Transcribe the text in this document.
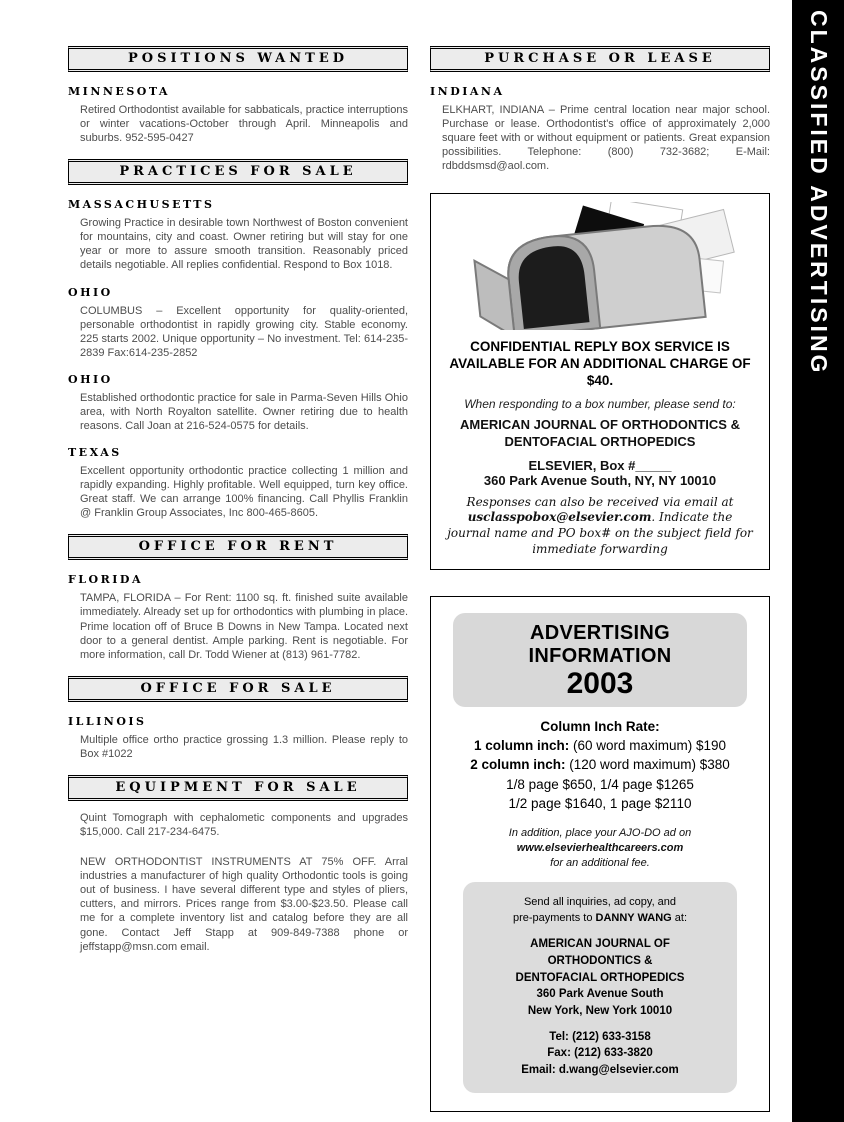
POSITIONS WANTED
MINNESOTA

Retired Orthodontist available for sabbaticals, practice interruptions or winter vacations-October through April. Minneapolis and suburbs. 952-595-0427

PRACTICES FOR SALE
MASSACHUSETTS

Growing Practice in desirable town Northwest of Boston convenient for mountains, city and coast. Owner retiring but will stay for one year or more to assure smooth transition. Reasonably priced details negotiable. All replies confidential. Respond to Box 1018.

OHIO

COLUMBUS – Excellent opportunity for quality-oriented, personable orthodontist in rapidly growing city. Stable economy. 225 starts 2002. Unique opportunity – No investment. Tel: 614-235-2839 Fax:614-235-2852

OHIO

Established orthodontic practice for sale in Parma-Seven Hills Ohio area, with North Royalton satellite. Owner retiring due to health reasons. Call Joan at 216-524-0575 for details.

TEXAS

Excellent opportunity orthodontic practice collecting 1 million and rapidly expanding. Highly profitable. Well equipped, turn key office. Great staff. We can arrange 100% financing. Call Phyllis Franklin @ Franklin Group Associates, Inc 800-465-8605.

OFFICE FOR RENT
FLORIDA

TAMPA, FLORIDA – For Rent: 1100 sq. ft. finished suite available immediately. Already set up for orthodontics with plumbing in place. Prime location off of Bruce B Downs in New Tampa. Located next door to a general dentist. Ample parking. Rent is negotiable. For more information, call Dr. Todd Wiener at (813) 961-7782.

OFFICE FOR SALE
ILLINOIS

Multiple office ortho practice grossing 1.3 million. Please reply to Box #1022

EQUIPMENT FOR SALE

Quint Tomograph with cephalometic components and upgrades $15,000. Call 217-234-6475.

NEW ORTHODONTIST INSTRUMENTS AT 75% OFF. Arral industries a manufacturer of high quality Orthodontic tools is going out of business. I have several different type and styles of pliers, cutters, and mirrors. Prices range from $3.00-$23.50. Please call me for a complete inventory list and catalog before they are all gone. Contact Jeff Stapp at 909-849-7388 phone or jeffstapp@msn.com email.

PURCHASE OR LEASE
INDIANA

ELKHART, INDIANA – Prime central location near major school. Purchase or lease. Orthodontist's office of approximately 2,000 square feet with or without equipment or patients. Great expansion possibilities. Telephone: (800) 732-3682; E-Mail: rdbddsmsd@aol.com.

CONFIDENTIAL REPLY BOX SERVICE IS AVAILABLE FOR AN ADDITIONAL CHARGE OF $40.
When responding to a box number, please send to:
AMERICAN JOURNAL OF ORTHODONTICS & DENTOFACIAL ORTHOPEDICS
ELSEVIER, Box #_____
360 Park Avenue South, NY, NY 10010
Responses can also be received via email at usclasspobox@elsevier.com. Indicate the journal name and PO box# on the subject field for immediate forwarding
ADVERTISING INFORMATION
2003
Column Inch Rate:
1 column inch: (60 word maximum) $190
2 column inch: (120 word maximum) $380
1/8 page $650, 1/4 page $1265
1/2 page $1640, 1 page $2110
In addition, place your AJO-DO ad on
www.elsevierhealthcareers.com
for an additional fee.
Send all inquiries, ad copy, and
pre-payments to DANNY WANG at:
AMERICAN JOURNAL OF
ORTHODONTICS &
DENTOFACIAL ORTHOPEDICS
360 Park Avenue South
New York, New York 10010
Tel: (212) 633-3158
Fax: (212) 633-3820
Email: d.wang@elsevier.com
CLASSIFIED ADVERTISING
